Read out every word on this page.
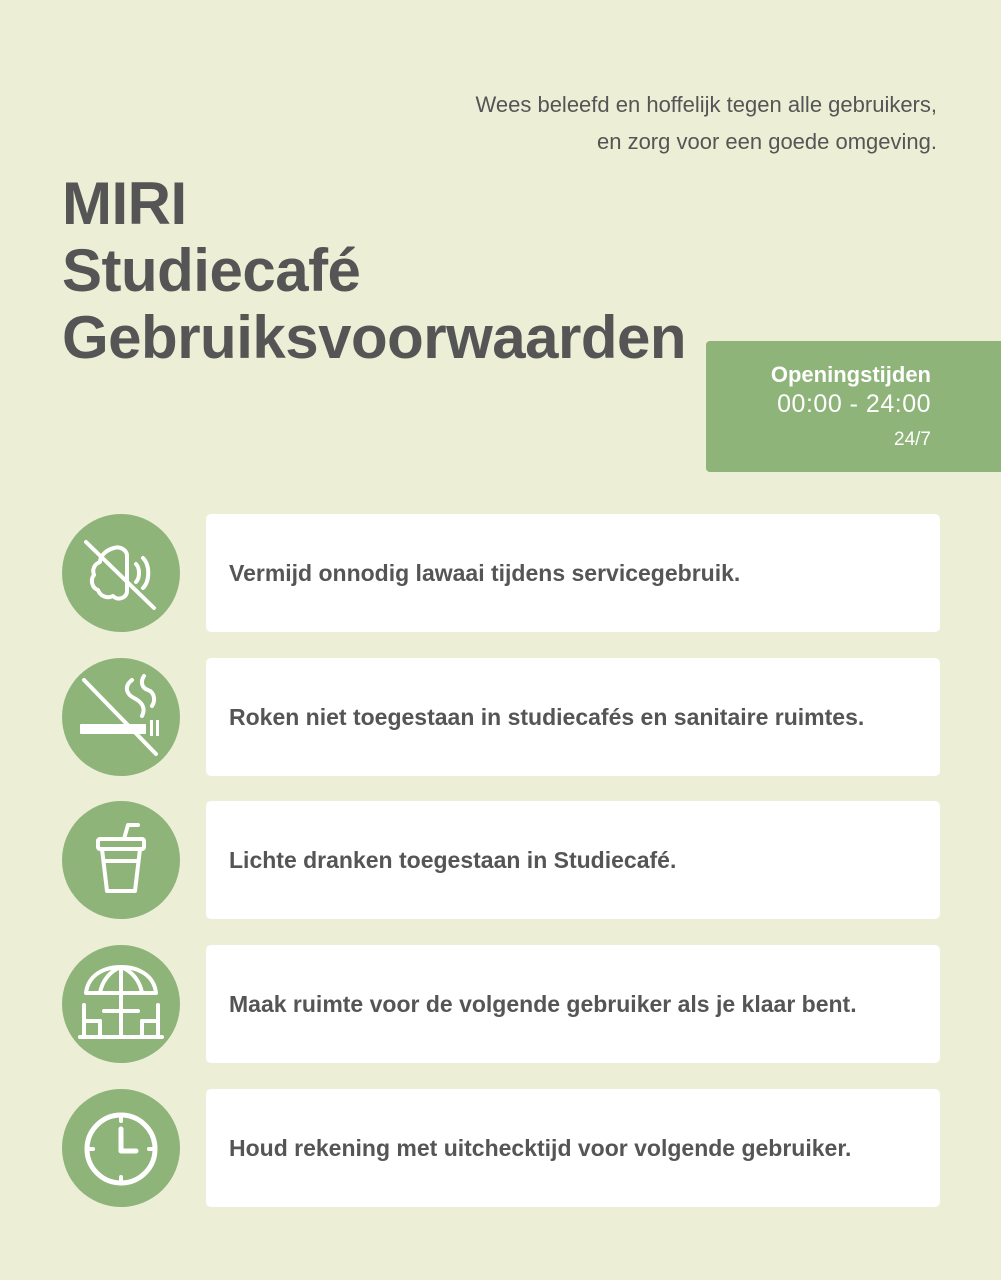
Wees beleefd en hoffelijk tegen alle gebruikers,
en zorg voor een goede omgeving.
MIRI
Studiecafé
Gebruiksvoorwaarden
Openingstijden
00:00 - 24:00
24/7
Vermijd onnodig lawaai tijdens servicegebruik.
Roken niet toegestaan in studiecafés en sanitaire ruimtes.
Lichte dranken toegestaan in Studiecafé.
Maak ruimte voor de volgende gebruiker als je klaar bent.
Houd rekening met uitchecktijd voor volgende gebruiker.
